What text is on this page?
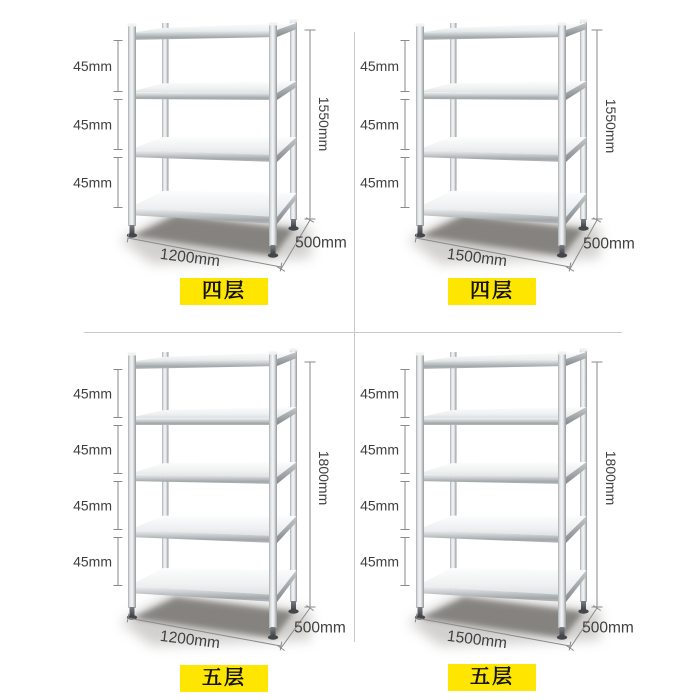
45mm
45mm
45mm
1550mm
1200mm
500mm
四层
45mm
45mm
45mm
1550mm
1500mm
500mm
四层
45mm
45mm
45mm
45mm
1800mm
1200mm	500mm
五层
45mm
45mm
45mm
45mm
1800mm
1500mm	500mm
五层
